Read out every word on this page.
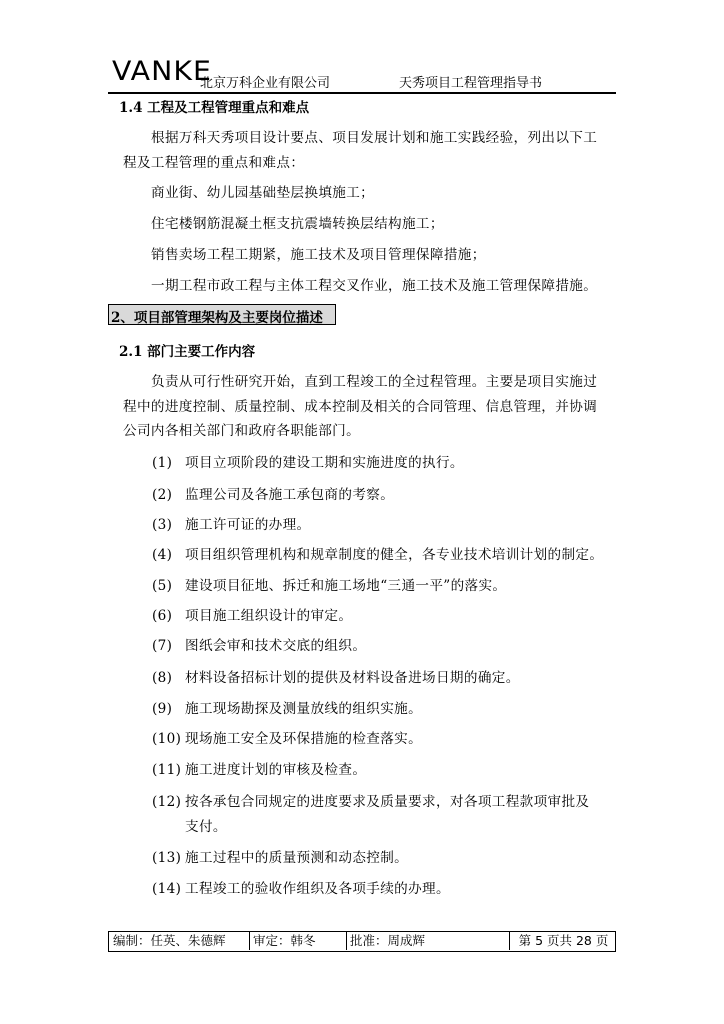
VANKE
北京万科企业有限公司	天秀项目工程管理指导书
1.4 工程及工程管理重点和难点
根据万科天秀项目设计要点、项目发展计划和施工实践经验，列出以下工
程及工程管理的重点和难点：
商业街、幼儿园基础垫层换填施工；
住宅楼钢筋混凝土框支抗震墙转换层结构施工；
销售卖场工程工期紧，施工技术及项目管理保障措施；
一期工程市政工程与主体工程交叉作业，施工技术及施工管理保障措施。
2、项目部管理架构及主要岗位描述
2.1 部门主要工作内容
负责从可行性研究开始，直到工程竣工的全过程管理。主要是项目实施过
程中的进度控制、质量控制、成本控制及相关的合同管理、信息管理，并协调
公司内各相关部门和政府各职能部门。
(1) 项目立项阶段的建设工期和实施进度的执行。
(2) 监理公司及各施工承包商的考察。
(3) 施工许可证的办理。
(4) 项目组织管理机构和规章制度的健全，各专业技术培训计划的制定。
(5) 建设项目征地、拆迁和施工场地“三通一平”的落实。
(6) 项目施工组织设计的审定。
(7) 图纸会审和技术交底的组织。
(8) 材料设备招标计划的提供及材料设备进场日期的确定。
(9) 施工现场勘探及测量放线的组织实施。
(10) 现场施工安全及环保措施的检查落实。
(11) 施工进度计划的审核及检查。
(12) 按各承包合同规定的进度要求及质量要求，对各项工程款项审批及
支付。
(13) 施工过程中的质量预测和动态控制。
(14) 工程竣工的验收作组织及各项手续的办理。
编制：任英、朱德辉	审定：韩冬	批准：周成辉	第 5 页共 28 页
